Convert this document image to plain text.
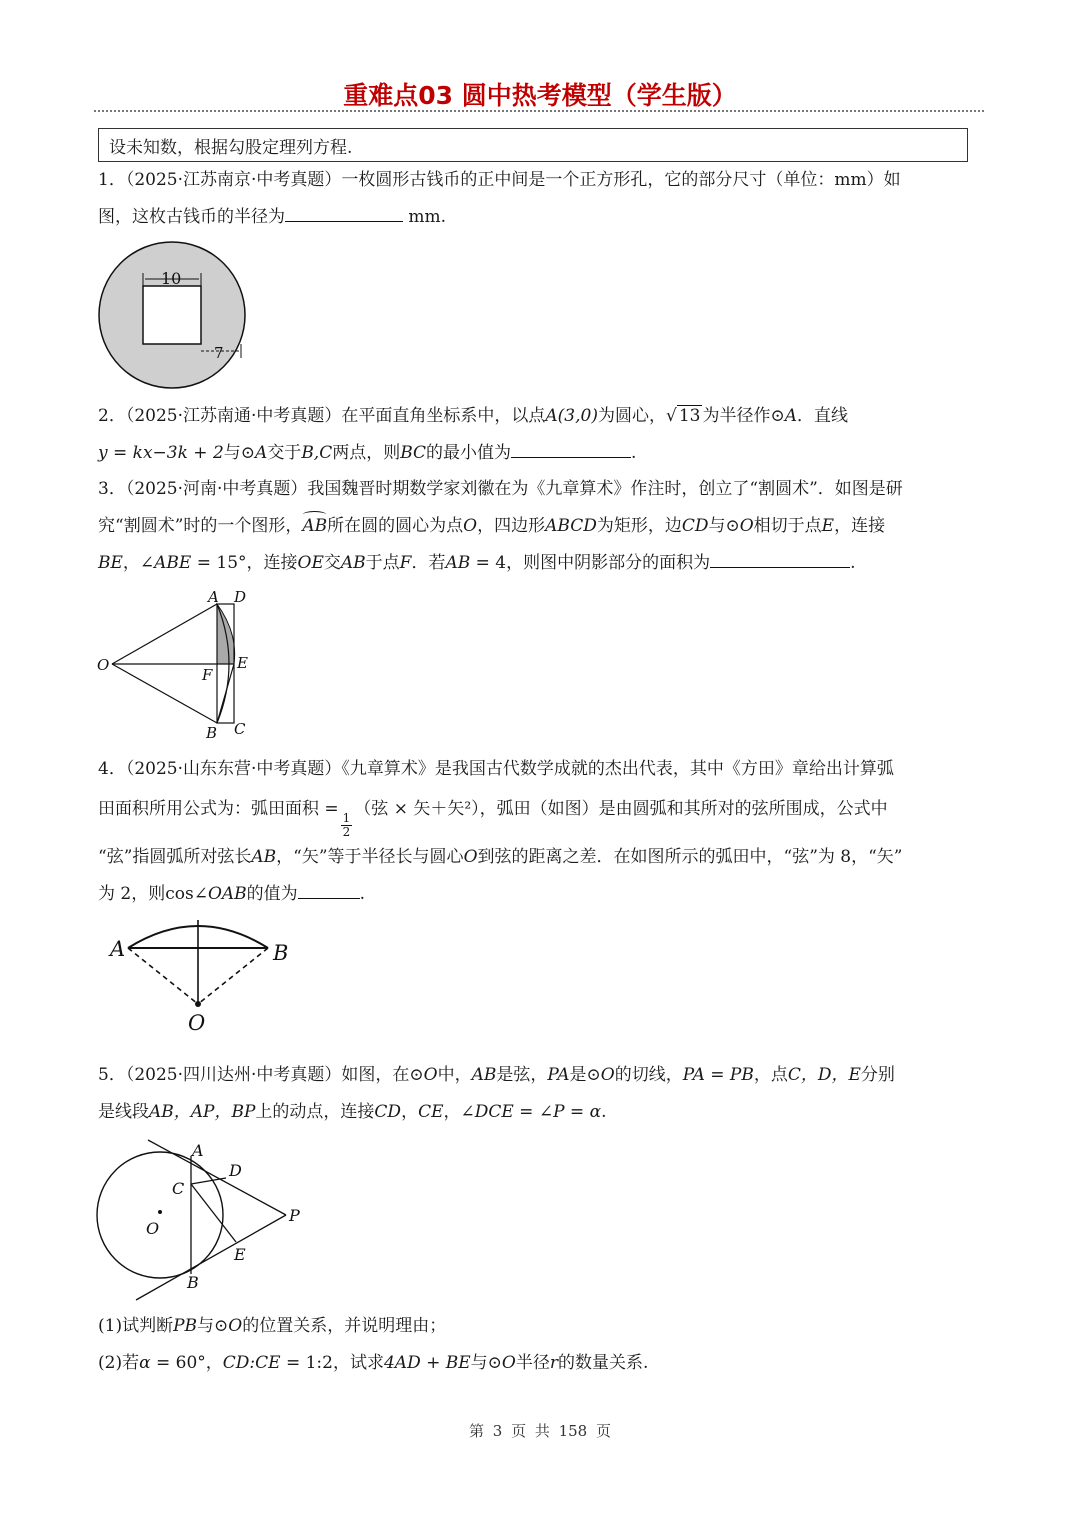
重难点03 圆中热考模型（学生版）
设未知数，根据勾股定理列方程.
1．（2025·江苏南京·中考真题）一枚圆形古钱币的正中间是一个正方形孔，它的部分尺寸（单位：mm）如
图，这枚古钱币的半径为	mm.
10
7
2．（2025·江苏南通·中考真题）在平面直角坐标系中，以点A(3,0)为圆心，√ 13 为半径作⊙A．直线
y = kx−3k + 2与⊙A交于B,C两点，则BC的最小值为	.
3．（2025·河南·中考真题）我国魏晋时期数学家刘徽在为《九章算术》作注时，创立了“割圆术”．如图是研
究“割圆术”时的一个图形，AB所在圆的圆心为点O，四边形ABCD为矩形，边CD与⊙O相切于点E，连接
BE，∠ABE = 15°，连接OE交AB于点F．若AB = 4，则图中阴影部分的面积为	.
A D
O	E
F
B C
4．（2025·山东东营·中考真题）《九章算术》是我国古代数学成就的杰出代表，其中《方田》章给出计算弧
田面积所用公式为：弧田面积 =
$\frac{1}{2}$
（弦 × 矢＋矢²），弧田（如图）是由圆弧和其所对的弦所围成，公式中
“弦”指圆弧所对弦长AB，“矢”等于半径长与圆心O到弦的距离之差．在如图所示的弧田中，“弦”为 8，“矢”
为 2，则cos∠OAB的值为	.
A	B
O
5．（2025·四川达州·中考真题）如图，在⊙O中，AB是弦，PA是⊙O的切线，PA = PB，点C，D，E分别
是线段AB，AP，BP上的动点，连接CD，CE，∠DCE = ∠P = α.
A
D
C
O
P
E
B
(1)试判断PB与⊙O的位置关系，并说明理由；
(2)若α = 60°，CD:CE = 1:2，试求4AD + BE与⊙O半径r的数量关系.
第 3 页 共 158 页
